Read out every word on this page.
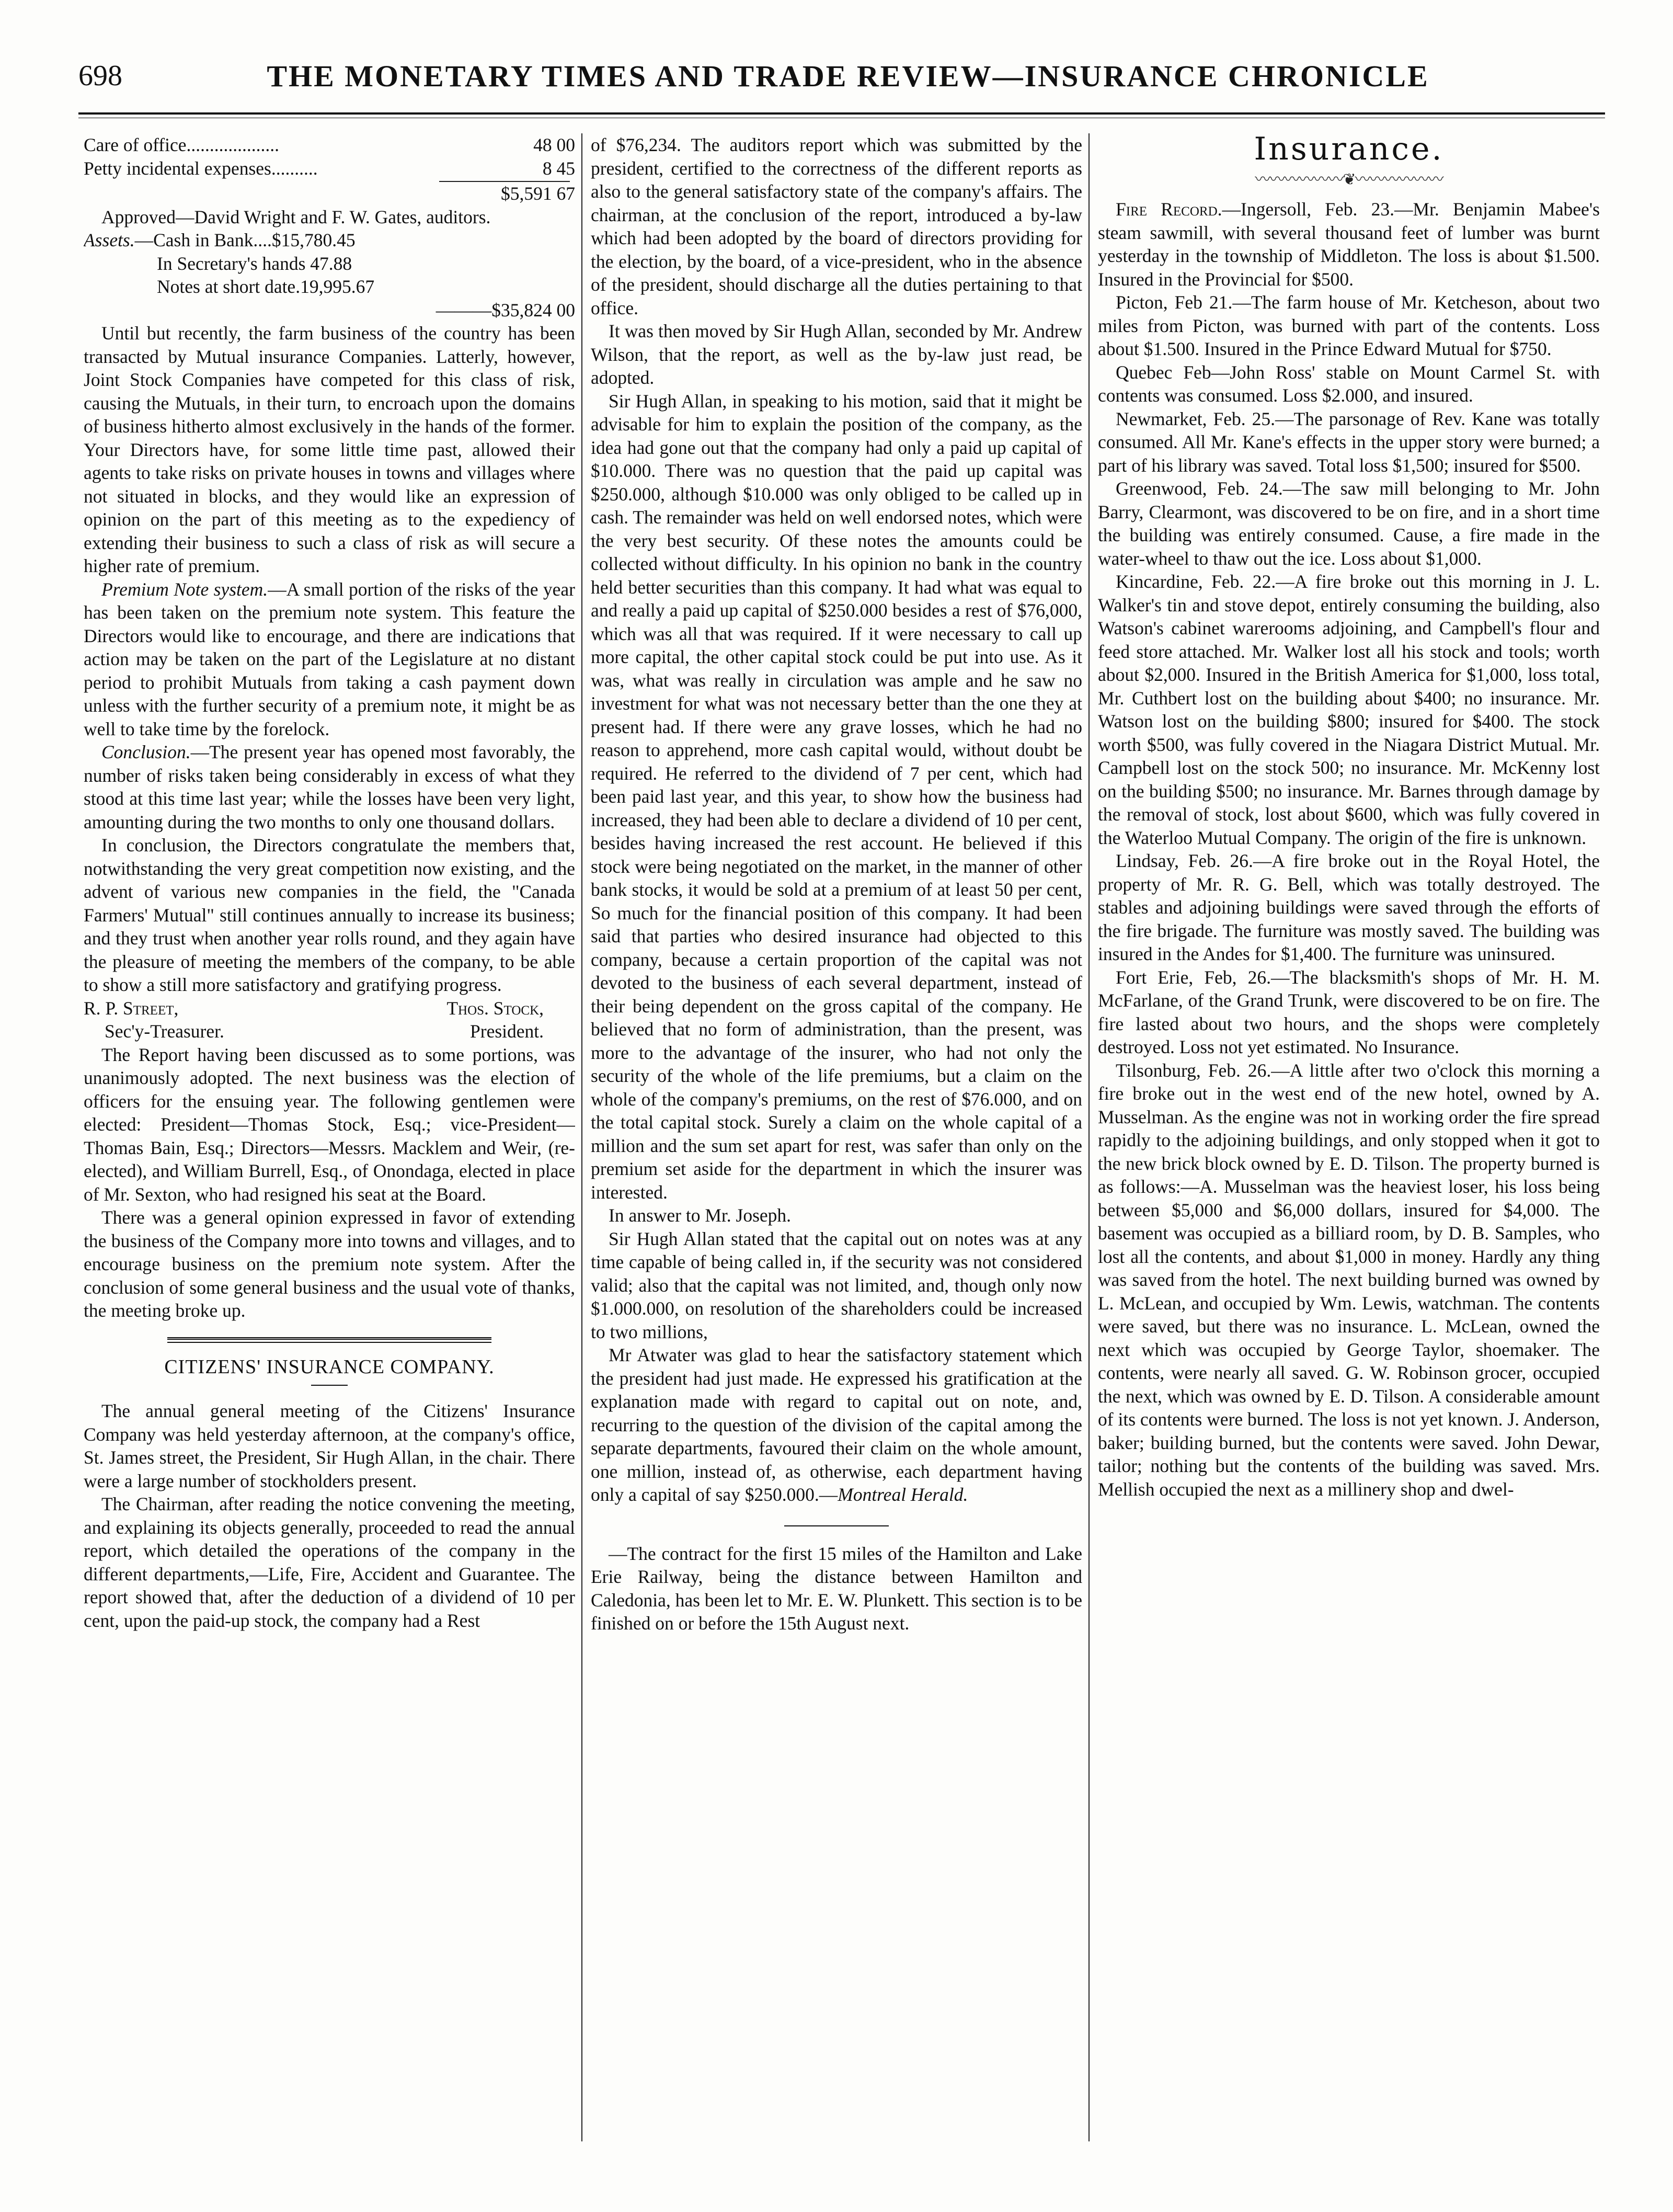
698	THE MONETARY TIMES AND TRADE REVIEW—INSURANCE CHRONICLE
Care of office....................	48 00
Petty incidental expenses..........	8 45
$5,591 67

Approved—David Wright and F. W. Gates, auditors.

Assets.—Cash in Bank....$15,780.45
In Secretary's hands 47.88
Notes at short date.19,995.67
———$35,824 00

Until but recently, the farm business of the country has been transacted by Mutual insurance Companies. Latterly, however, Joint Stock Companies have competed for this class of risk, causing the Mutuals, in their turn, to encroach upon the domains of business hitherto almost exclusively in the hands of the former. Your Directors have, for some little time past, allowed their agents to take risks on private houses in towns and villages where not situated in blocks, and they would like an expression of opinion on the part of this meeting as to the expediency of extending their business to such a class of risk as will secure a higher rate of premium.

Premium Note system.—A small portion of the risks of the year has been taken on the premium note system. This feature the Directors would like to encourage, and there are indications that action may be taken on the part of the Legislature at no distant period to prohibit Mutuals from taking a cash payment down unless with the further security of a premium note, it might be as well to take time by the forelock.

Conclusion.—The present year has opened most favorably, the number of risks taken being considerably in excess of what they stood at this time last year; while the losses have been very light, amounting during the two months to only one thousand dollars.

In conclusion, the Directors congratulate the members that, notwithstanding the very great competition now existing, and the advent of various new companies in the field, the "Canada Farmers' Mutual" still continues annually to increase its business; and they trust when another year rolls round, and they again have the pleasure of meeting the members of the company, to be able to show a still more satisfactory and gratifying progress.

R. P. Street,	Thos. Stock,
Sec'y-Treasurer.	President.

The Report having been discussed as to some portions, was unanimously adopted. The next business was the election of officers for the ensuing year. The following gentlemen were elected: President—Thomas Stock, Esq.; vice-President—Thomas Bain, Esq.; Directors—Messrs. Macklem and Weir, (re-elected), and William Burrell, Esq., of Onondaga, elected in place of Mr. Sexton, who had resigned his seat at the Board.

There was a general opinion expressed in favor of extending the business of the Company more into towns and villages, and to encourage business on the premium note system. After the conclusion of some general business and the usual vote of thanks, the meeting broke up.

CITIZENS' INSURANCE COMPANY.

The annual general meeting of the Citizens' Insurance Company was held yesterday afternoon, at the company's office, St. James street, the President, Sir Hugh Allan, in the chair. There were a large number of stockholders present.

The Chairman, after reading the notice convening the meeting, and explaining its objects generally, proceeded to read the annual report, which detailed the operations of the company in the different departments,—Life, Fire, Accident and Guarantee. The report showed that, after the deduction of a dividend of 10 per cent, upon the paid-up stock, the company had a Rest

of $76,234. The auditors report which was submitted by the president, certified to the correctness of the different reports as also to the general satisfactory state of the company's affairs. The chairman, at the conclusion of the report, introduced a by-law which had been adopted by the board of directors providing for the election, by the board, of a vice-president, who in the absence of the president, should discharge all the duties pertaining to that office.

It was then moved by Sir Hugh Allan, seconded by Mr. Andrew Wilson, that the report, as well as the by-law just read, be adopted.

Sir Hugh Allan, in speaking to his motion, said that it might be advisable for him to explain the position of the company, as the idea had gone out that the company had only a paid up capital of $10.000. There was no question that the paid up capital was $250.000, although $10.000 was only obliged to be called up in cash. The remainder was held on well endorsed notes, which were the very best security. Of these notes the amounts could be collected without difficulty. In his opinion no bank in the country held better securities than this company. It had what was equal to and really a paid up capital of $250.000 besides a rest of $76,000, which was all that was required. If it were necessary to call up more capital, the other capital stock could be put into use. As it was, what was really in circulation was ample and he saw no investment for what was not necessary better than the one they at present had. If there were any grave losses, which he had no reason to apprehend, more cash capital would, without doubt be required. He referred to the dividend of 7 per cent, which had been paid last year, and this year, to show how the business had increased, they had been able to declare a dividend of 10 per cent, besides having increased the rest account. He believed if this stock were being negotiated on the market, in the manner of other bank stocks, it would be sold at a premium of at least 50 per cent, So much for the financial position of this company. It had been said that parties who desired insurance had objected to this company, because a certain proportion of the capital was not devoted to the business of each several department, instead of their being dependent on the gross capital of the company. He believed that no form of administration, than the present, was more to the advantage of the insurer, who had not only the security of the whole of the life premiums, but a claim on the whole of the company's premiums, on the rest of $76.000, and on the total capital stock. Surely a claim on the whole capital of a million and the sum set apart for rest, was safer than only on the premium set aside for the department in which the insurer was interested.

In answer to Mr. Joseph.

Sir Hugh Allan stated that the capital out on notes was at any time capable of being called in, if the security was not considered valid; also that the capital was not limited, and, though only now $1.000.000, on resolution of the shareholders could be increased to two millions,

Mr Atwater was glad to hear the satisfactory statement which the president had just made. He expressed his gratification at the explanation made with regard to capital out on note, and, recurring to the question of the division of the capital among the separate departments, favoured their claim on the whole amount, one million, instead of, as otherwise, each department having only a capital of say $250.000.—Montreal Herald.

—The contract for the first 15 miles of the Hamilton and Lake Erie Railway, being the distance between Hamilton and Caledonia, has been let to Mr. E. W. Plunkett. This section is to be finished on or before the 15th August next.

Insurance.
〰〰〰〰〰〰❦〰〰〰〰〰〰

Fire Record.—Ingersoll, Feb. 23.—Mr. Benjamin Mabee's steam sawmill, with several thousand feet of lumber was burnt yesterday in the township of Middleton. The loss is about $1.500. Insured in the Provincial for $500.

Picton, Feb 21.—The farm house of Mr. Ketcheson, about two miles from Picton, was burned with part of the contents. Loss about $1.500. Insured in the Prince Edward Mutual for $750.

Quebec Feb—John Ross' stable on Mount Carmel St. with contents was consumed. Loss $2.000, and insured.

Newmarket, Feb. 25.—The parsonage of Rev. Kane was totally consumed. All Mr. Kane's effects in the upper story were burned; a part of his library was saved. Total loss $1,500; insured for $500.

Greenwood, Feb. 24.—The saw mill belonging to Mr. John Barry, Clearmont, was discovered to be on fire, and in a short time the building was entirely consumed. Cause, a fire made in the water-wheel to thaw out the ice. Loss about $1,000.

Kincardine, Feb. 22.—A fire broke out this morning in J. L. Walker's tin and stove depot, entirely consuming the building, also Watson's cabinet warerooms adjoining, and Campbell's flour and feed store attached. Mr. Walker lost all his stock and tools; worth about $2,000. Insured in the British America for $1,000, loss total, Mr. Cuthbert lost on the building about $400; no insurance. Mr. Watson lost on the building $800; insured for $400. The stock worth $500, was fully covered in the Niagara District Mutual. Mr. Campbell lost on the stock 500; no insurance. Mr. McKenny lost on the building $500; no insurance. Mr. Barnes through damage by the removal of stock, lost about $600, which was fully covered in the Waterloo Mutual Company. The origin of the fire is unknown.

Lindsay, Feb. 26.—A fire broke out in the Royal Hotel, the property of Mr. R. G. Bell, which was totally destroyed. The stables and adjoining buildings were saved through the efforts of the fire brigade. The furniture was mostly saved. The building was insured in the Andes for $1,400. The furniture was uninsured.

Fort Erie, Feb, 26.—The blacksmith's shops of Mr. H. M. McFarlane, of the Grand Trunk, were discovered to be on fire. The fire lasted about two hours, and the shops were completely destroyed. Loss not yet estimated. No Insurance.

Tilsonburg, Feb. 26.—A little after two o'clock this morning a fire broke out in the west end of the new hotel, owned by A. Musselman. As the engine was not in working order the fire spread rapidly to the adjoining buildings, and only stopped when it got to the new brick block owned by E. D. Tilson. The property burned is as follows:—A. Musselman was the heaviest loser, his loss being between $5,000 and $6,000 dollars, insured for $4,000. The basement was occupied as a billiard room, by D. B. Samples, who lost all the contents, and about $1,000 in money. Hardly any thing was saved from the hotel. The next building burned was owned by L. McLean, and occupied by Wm. Lewis, watchman. The contents were saved, but there was no insurance. L. McLean, owned the next which was occupied by George Taylor, shoemaker. The contents, were nearly all saved. G. W. Robinson grocer, occupied the next, which was owned by E. D. Tilson. A considerable amount of its contents were burned. The loss is not yet known. J. Anderson, baker; building burned, but the contents were saved. John Dewar, tailor; nothing but the contents of the building was saved. Mrs. Mellish occupied the next as a millinery shop and dwel-
